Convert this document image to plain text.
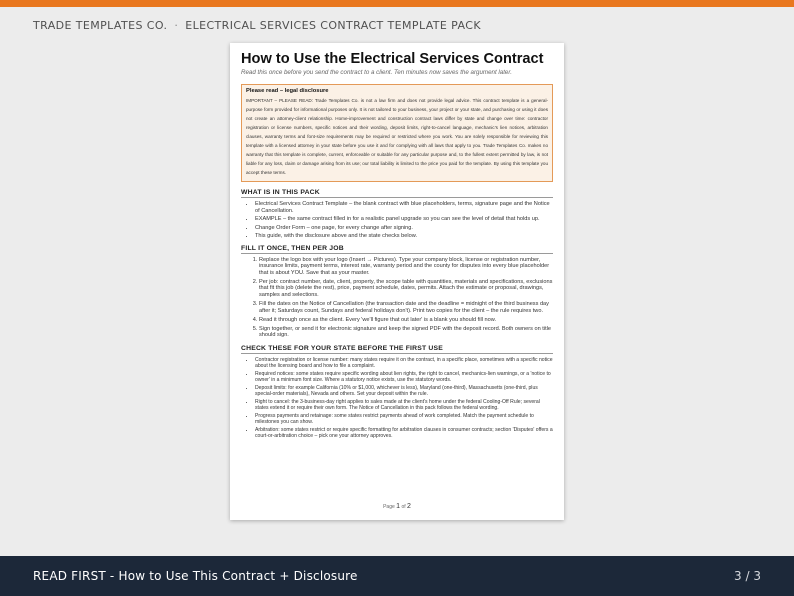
TRADE TEMPLATES CO. · ELECTRICAL SERVICES CONTRACT TEMPLATE PACK
How to Use the Electrical Services Contract
Read this once before you send the contract to a client. Ten minutes now saves the argument later.
Please read – legal disclosure
IMPORTANT – PLEASE READ: Trade Templates Co. is not a law firm and does not provide legal advice. This contract template is a general-purpose form provided for informational purposes only. It is not tailored to your business, your project or your state, and purchasing or using it does not create an attorney-client relationship. Home-improvement and construction contract laws differ by state and change over time: contractor registration or license numbers, specific notices and their wording, deposit limits, right-to-cancel language, mechanic's lien notices, arbitration clauses, warranty terms and font-size requirements may be required or restricted where you work. You are solely responsible for reviewing this template with a licensed attorney in your state before you use it and for complying with all laws that apply to you. Trade Templates Co. makes no warranty that this template is complete, current, enforceable or suitable for any particular purpose and, to the fullest extent permitted by law, is not liable for any loss, claim or damage arising from its use; our total liability is limited to the price you paid for the template. By using this template you accept these terms.
WHAT IS IN THIS PACK
• Electrical Services Contract Template – the blank contract with blue placeholders, terms, signature page and the Notice of Cancellation.
• EXAMPLE – the same contract filled in for a realistic panel upgrade so you can see the level of detail that holds up.
• Change Order Form – one page, for every change after signing.
• This guide, with the disclosure above and the state checks below.
FILL IT ONCE, THEN PER JOB
1. Replace the logo box with your logo (Insert → Pictures). Type your company block, license or registration number, insurance limits, payment terms, interest rate, warranty period and the county for disputes into every blue placeholder that is about YOU. Save that as your master.
2. Per job: contract number, date, client, property, the scope table with quantities, materials and specifications, exclusions that fit this job (delete the rest), price, payment schedule, dates, permits. Attach the estimate or proposal, drawings, samples and selections.
3. Fill the dates on the Notice of Cancellation (the transaction date and the deadline = midnight of the third business day after it; Saturdays count, Sundays and federal holidays don't). Print two copies for the client – the rule requires two.
4. Read it through once as the client. Every 'we'll figure that out later' is a blank you should fill now.
5. Sign together, or send it for electronic signature and keep the signed PDF with the deposit record. Both owners on title should sign.
CHECK THESE FOR YOUR STATE BEFORE THE FIRST USE
• Contractor registration or license number: many states require it on the contract, in a specific place, sometimes with a specific notice about the licensing board and how to file a complaint.
• Required notices: some states require specific wording about lien rights, the right to cancel, mechanics-lien warnings, or a 'notice to owner' in a minimum font size. Where a statutory notice exists, use the statutory words.
• Deposit limits: for example California (10% or $1,000, whichever is less), Maryland (one-third), Massachusetts (one-third, plus special-order materials), Nevada and others. Set your deposit within the rule.
• Right to cancel: the 3-business-day right applies to sales made at the client's home under the federal Cooling-Off Rule; several states extend it or require their own form. The Notice of Cancellation in this pack follows the federal wording.
• Progress payments and retainage: some states restrict payments ahead of work completed. Match the payment schedule to milestones you can show.
• Arbitration: some states restrict or require specific formatting for arbitration clauses in consumer contracts; section 'Disputes' offers a court-or-arbitration choice – pick one your attorney approves.
Page 1 of 2
READ FIRST - How to Use This Contract + Disclosure	3 / 3
